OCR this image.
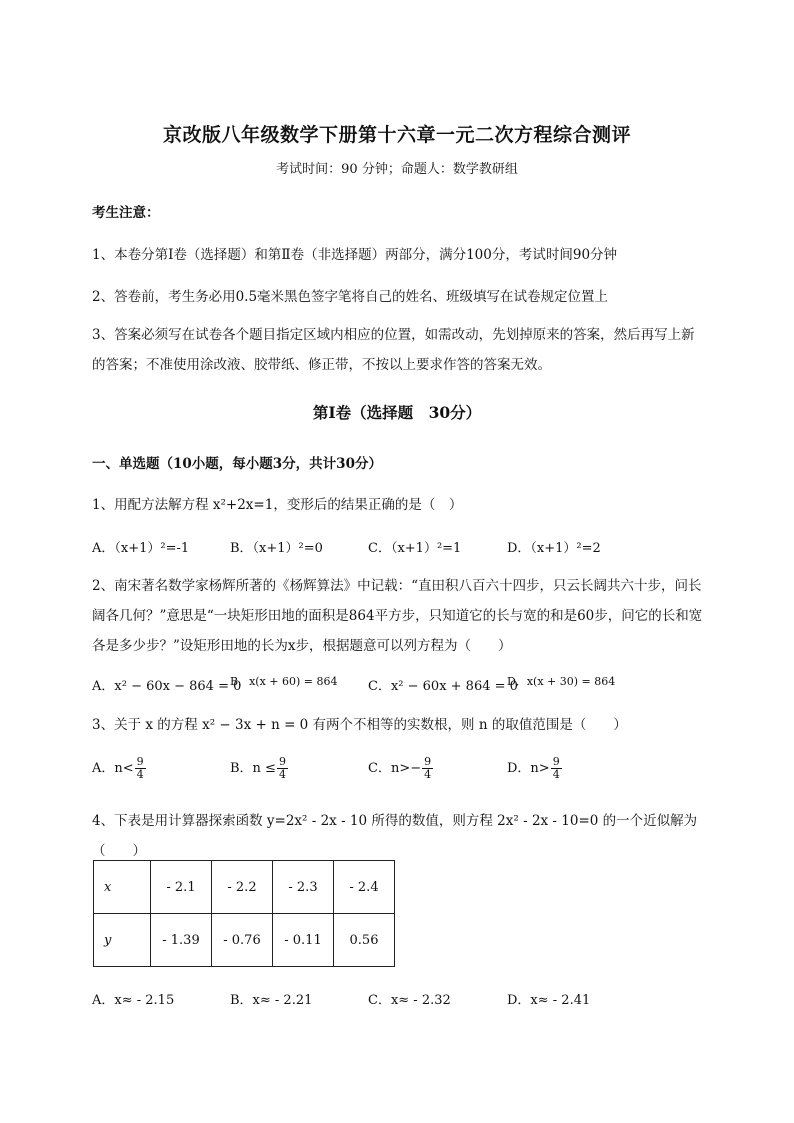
京改版八年级数学下册第十六章一元二次方程综合测评
考试时间：90 分钟；命题人：数学教研组
考生注意：
1、本卷分第Ⅰ卷（选择题）和第Ⅱ卷（非选择题）两部分，满分100分，考试时间90分钟
2、答卷前，考生务必用0.5毫米黑色签字笔将自己的姓名、班级填写在试卷规定位置上
3、答案必须写在试卷各个题目指定区域内相应的位置，如需改动，先划掉原来的答案，然后再写上新的答案；不准使用涂改液、胶带纸、修正带，不按以上要求作答的答案无效。
第Ⅰ卷（选择题　30分）
一、单选题（10小题，每小题3分，共计30分）
1、用配方法解方程 x²+2x=1，变形后的结果正确的是（　）
A．（x+1）²=-1	B．（x+1）²=0	C．（x+1）²=1	D．（x+1）²=2
2、南宋著名数学家杨辉所著的《杨辉算法》中记载：“直田积八百六十四步，只云长阔共六十步，问长阔各几何？”意思是“一块矩形田地的面积是864平方步，只知道它的长与宽的和是60步，问它的长和宽各是多少步？”设矩形田地的长为x步，根据题意可以列方程为（　　）
A．x² − 60x − 864 = 0
B．x(x + 60) = 864 C．x² − 60x + 864 = 0
D．x(x + 30) = 864
3、关于 x 的方程 x² − 3x + n = 0 有两个不相等的实数根，则 n 的取值范围是（　　）
A．$n< \frac{9}{4}$	B．$n \le \frac{9}{4}$	C．$n>- \frac{9}{4}$	D．$n> \frac{9}{4}$
4、下表是用计算器探索函数 y=2x² - 2x - 10 所得的数值，则方程 2x² - 2x - 10=0 的一个近似解为（　　）
x	- 2.1	- 2.2	- 2.3	- 2.4
y	- 1.39	- 0.76	- 0.11	0.56
A．x≈ - 2.15	B．x≈ - 2.21	C．x≈ - 2.32	D．x≈ - 2.41
